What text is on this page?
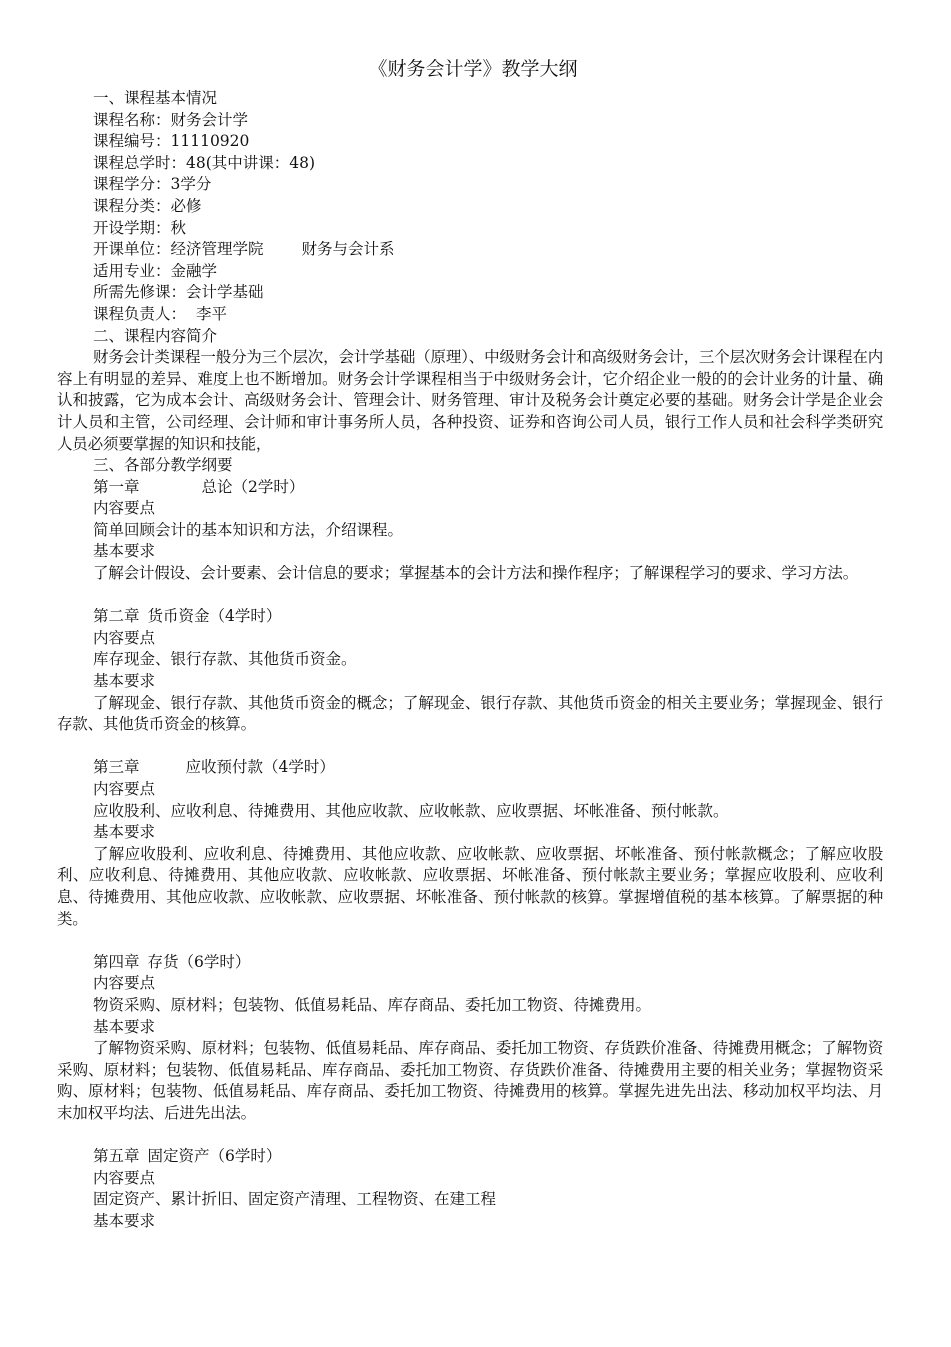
《财务会计学》教学大纲
一、课程基本情况
课程名称：财务会计学
课程编号：11110920
课程总学时：48(其中讲课：48)
课程学分：3学分
课程分类：必修
开设学期：秋
开课单位：经济管理学院 财务与会计系
适用专业：金融学
所需先修课：会计学基础
课程负责人： 李平
二、课程内容简介
财务会计类课程一般分为三个层次，会计学基础（原理）、中级财务会计和高级财务会计，三个层次财务会计课程在内容上有明显的差异、难度上也不断增加。财务会计学课程相当于中级财务会计，它介绍企业一般的的会计业务的计量、确认和披露，它为成本会计、高级财务会计、管理会计、财务管理、审计及税务会计奠定必要的基础。财务会计学是企业会计人员和主管，公司经理、会计师和审计事务所人员，各种投资、证券和咨询公司人员，银行工作人员和社会科学类研究人员必须要掌握的知识和技能，
三、各部分教学纲要
第一章	总论（2学时）
内容要点
简单回顾会计的基本知识和方法，介绍课程。
基本要求
了解会计假设、会计要素、会计信息的要求；掌握基本的会计方法和操作程序；了解课程学习的要求、学习方法。
第二章 货币资金（4学时）
内容要点
库存现金、银行存款、其他货币资金。
基本要求
了解现金、银行存款、其他货币资金的概念；了解现金、银行存款、其他货币资金的相关主要业务；掌握现金、银行存款、其他货币资金的核算。
第三章	应收预付款（4学时）
内容要点
应收股利、应收利息、待摊费用、其他应收款、应收帐款、应收票据、坏帐准备、预付帐款。
基本要求
了解应收股利、应收利息、待摊费用、其他应收款、应收帐款、应收票据、坏帐准备、预付帐款概念；了解应收股利、应收利息、待摊费用、其他应收款、应收帐款、应收票据、坏帐准备、预付帐款主要业务；掌握应收股利、应收利息、待摊费用、其他应收款、应收帐款、应收票据、坏帐准备、预付帐款的核算。掌握增值税的基本核算。了解票据的种类。
第四章 存货（6学时）
内容要点
物资采购、原材料；包装物、低值易耗品、库存商品、委托加工物资、待摊费用。
基本要求
了解物资采购、原材料；包装物、低值易耗品、库存商品、委托加工物资、存货跌价准备、待摊费用概念；了解物资采购、原材料；包装物、低值易耗品、库存商品、委托加工物资、存货跌价准备、待摊费用主要的相关业务；掌握物资采购、原材料；包装物、低值易耗品、库存商品、委托加工物资、待摊费用的核算。掌握先进先出法、移动加权平均法、月末加权平均法、后进先出法。
第五章 固定资产（6学时）
内容要点
固定资产、累计折旧、固定资产清理、工程物资、在建工程
基本要求
